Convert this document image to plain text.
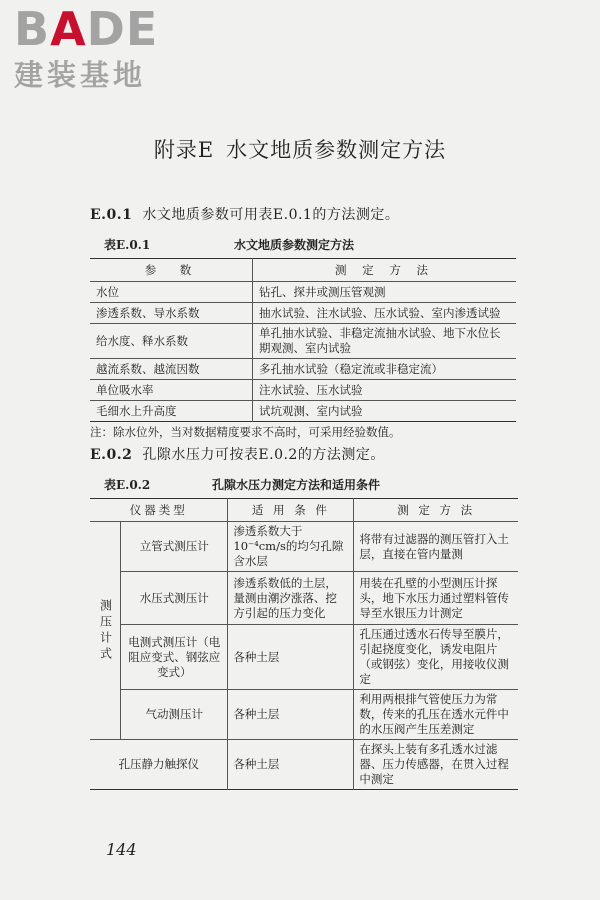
BADE
建装基地
附录E 水文地质参数测定方法
E.0.1 水文地质参数可用表E.0.1的方法测定。
表E.0.1	水文地质参数测定方法
参　数	测 定 方 法
水位	钻孔、探井或测压管观测
渗透系数、导水系数	抽水试验、注水试验、压水试验、室内渗透试验
给水度、释水系数	单孔抽水试验、非稳定流抽水试验、地下水位长期观测、室内试验
越流系数、越流因数	多孔抽水试验（稳定流或非稳定流）
单位吸水率	注水试验、压水试验
毛细水上升高度	试坑观测、室内试验
注：除水位外，当对数据精度要求不高时，可采用经验数值。
E.0.2 孔隙水压力可按表E.0.2的方法测定。
表E.0.2	孔隙水压力测定方法和适用条件
仪器类型		适 用 条 件	测 定 方 法
测压计式	立管式测压计	渗透系数大于10⁻⁴cm/s的均匀孔隙含水层	将带有过滤器的测压管打入土层，直接在管内量测
	水压式测压计	渗透系数低的土层，量测由潮汐涨落、挖方引起的压力变化	用装在孔壁的小型测压计探头，地下水压力通过塑料管传导至水银压力计测定
	电测式测压计（电阻应变式、钢弦应变式）	各种土层	孔压通过透水石传导至膜片，引起挠度变化，诱发电阻片（或钢弦）变化，用接收仪测定
	气动测压计	各种土层	利用两根排气管使压力为常数，传来的孔压在透水元件中的水压阀产生压差测定
孔压静力触探仪		各种土层	在探头上装有多孔透水过滤器、压力传感器，在贯入过程中测定
144
